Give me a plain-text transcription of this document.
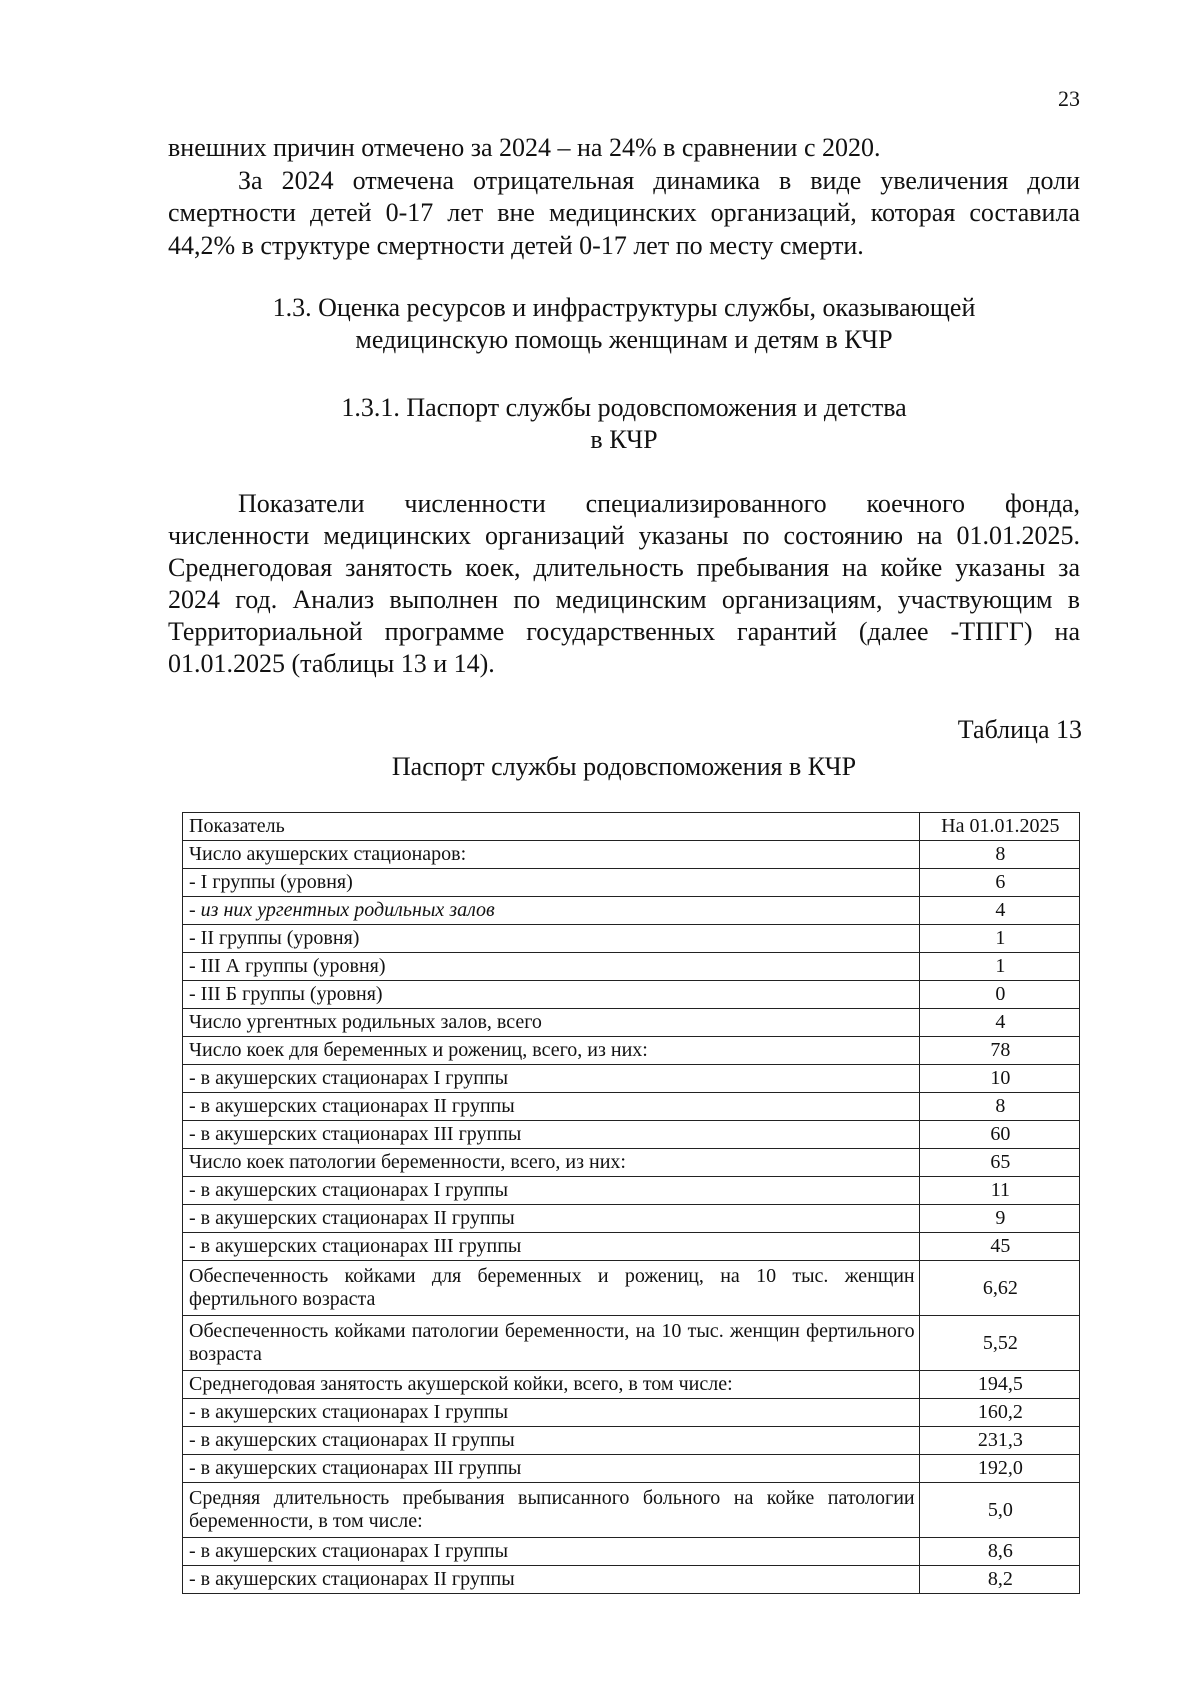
23

внешних причин отмечено за 2024 – на 24% в сравнении с 2020.

За 2024 отмечена отрицательная динамика в виде увеличения доли смертности детей 0-17 лет вне медицинских организаций, которая составила 44,2% в структуре смертности детей 0-17 лет по месту смерти.

1.3. Оценка ресурсов и инфраструктуры службы, оказывающей
медицинскую помощь женщинам и детям в КЧР
1.3.1. Паспорт службы родовспоможения и детства
в КЧР

Показатели численности специализированного коечного фонда, численности медицинских организаций указаны по состоянию на 01.01.2025. Среднегодовая занятость коек, длительность пребывания на койке указаны за 2024 год. Анализ выполнен по медицинским организациям, участвующим в Территориальной программе государственных гарантий (далее -ТПГГ) на 01.01.2025 (таблицы 13 и 14).

Таблица 13
Паспорт службы родовспоможения в КЧР
Показатель	На 01.01.2025
Число акушерских стационаров:	8
- I группы (уровня)	6
- из них ургентных родильных залов	4
- II группы (уровня)	1
- III А группы (уровня)	1
- III Б группы (уровня)	0
Число ургентных родильных залов, всего	4
Число коек для беременных и рожениц, всего, из них:	78
- в акушерских стационарах I группы	10
- в акушерских стационарах II группы	8
- в акушерских стационарах III группы	60
Число коек патологии беременности, всего, из них:	65
- в акушерских стационарах I группы	11
- в акушерских стационарах II группы	9
- в акушерских стационарах III группы	45
Обеспеченность койками для беременных и рожениц, на 10 тыс. женщин фертильного возраста	6,62
Обеспеченность койками патологии беременности, на 10 тыс. женщин фертильного возраста	5,52
Среднегодовая занятость акушерской койки, всего, в том числе:	194,5
- в акушерских стационарах I группы	160,2
- в акушерских стационарах II группы	231,3
- в акушерских стационарах III группы	192,0
Средняя длительность пребывания выписанного больного на койке патологии беременности, в том числе:	5,0
- в акушерских стационарах I группы	8,6
- в акушерских стационарах II группы	8,2
